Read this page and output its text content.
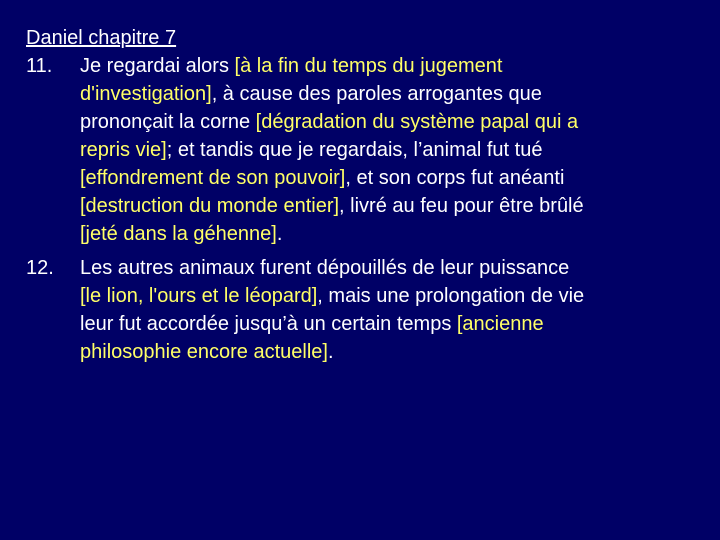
Daniel chapitre 7
11.	Je regardai alors [à la fin du temps du jugement
d'investigation], à cause des paroles arrogantes que
prononçait la corne [dégradation du système papal qui a
repris vie]; et tandis que je regardais, l’animal fut tué
[effondrement de son pouvoir], et son corps fut anéanti
[destruction du monde entier], livré au feu pour être brûlé
[jeté dans la géhenne].
12.	Les autres animaux furent dépouillés de leur puissance
[le lion, l'ours et le léopard], mais une prolongation de vie
leur fut accordée jusqu’à un certain temps [ancienne
philosophie encore actuelle].
